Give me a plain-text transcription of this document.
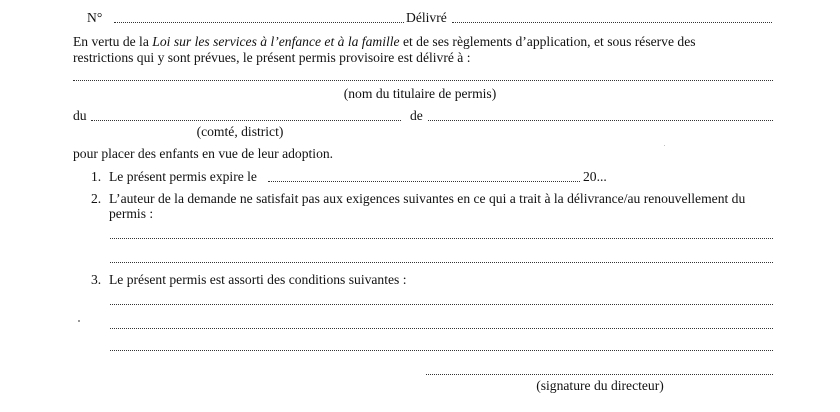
N°	Délivré
En vertu de la Loi sur les services à l’enfance et à la famille et de ses règlements d’application, et sous réserve des
restrictions qui y sont prévues, le présent permis provisoire est délivré à :
(nom du titulaire de permis)
du	de
(comté, district)
pour placer des enfants en vue de leur adoption.
1. Le présent permis expire le	20...
2. L’auteur de la demande ne satisfait pas aux exigences suivantes en ce qui a trait à la délivrance/au renouvellement du
permis :
3. Le présent permis est assorti des conditions suivantes :
(signature du directeur)
